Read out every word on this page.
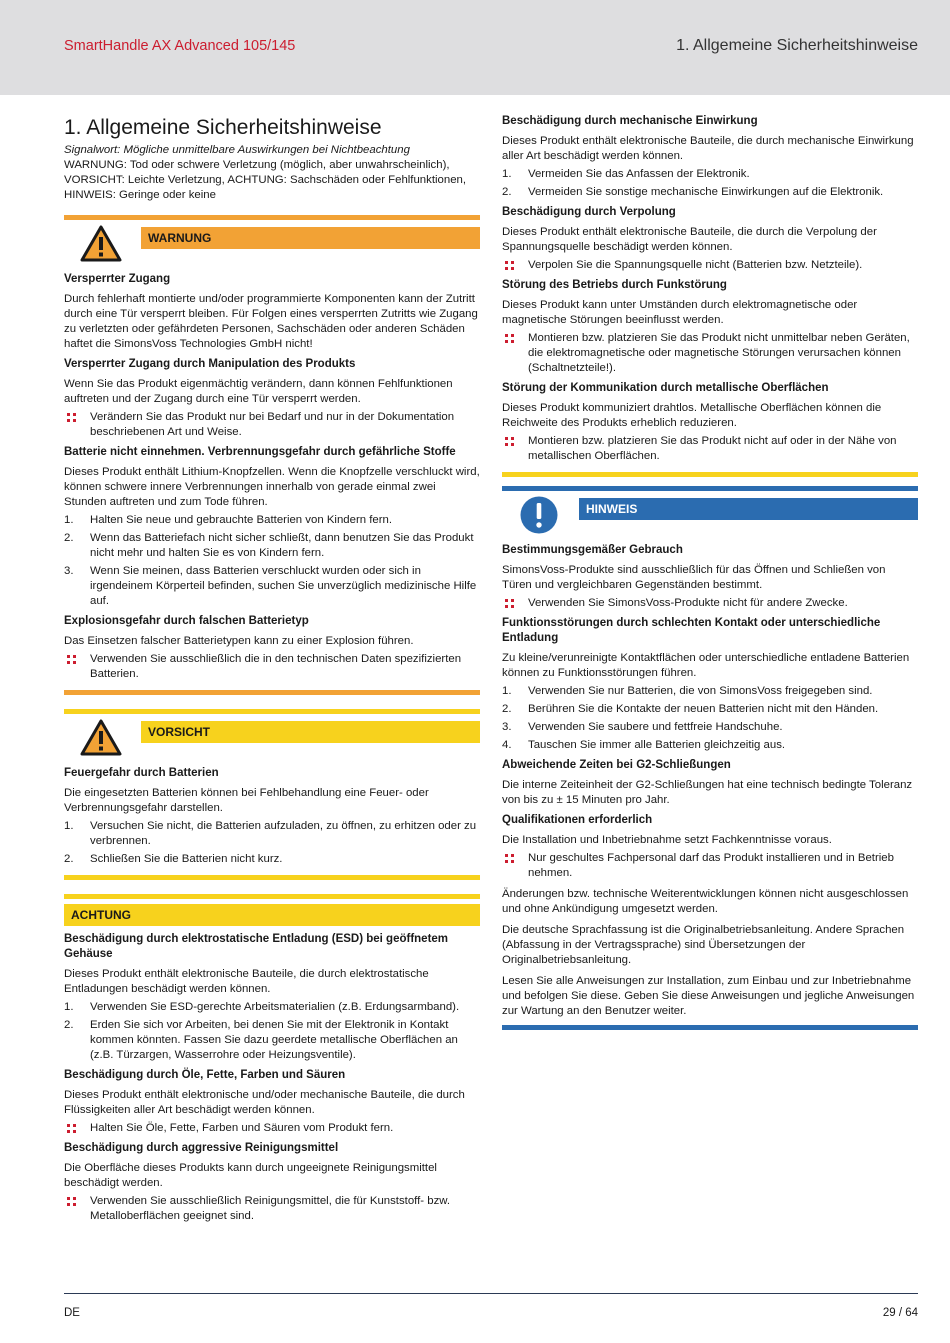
SmartHandle AX Advanced 105/145	1. Allgemeine Sicherheitshinweise
1. Allgemeine Sicherheitshinweise
Signalwort: Mögliche unmittelbare Auswirkungen bei Nichtbeachtung
WARNUNG: Tod oder schwere Verletzung (möglich, aber unwahrscheinlich), VORSICHT: Leichte Verletzung, ACHTUNG: Sachschäden oder Fehlfunktionen, HINWEIS: Geringe oder keine
WARNUNG
Versperrter Zugang

Durch fehlerhaft montierte und/oder programmierte Komponenten kann der Zutritt durch eine Tür versperrt bleiben. Für Folgen eines versperrten Zutritts wie Zugang zu verletzten oder gefährdeten Personen, Sachschäden oder anderen Schäden haftet die SimonsVoss Technologies GmbH nicht!

Versperrter Zugang durch Manipulation des Produkts

Wenn Sie das Produkt eigenmächtig verändern, dann können Fehlfunktionen auftreten und der Zugang durch eine Tür versperrt werden.

Verändern Sie das Produkt nur bei Bedarf und nur in der Dokumentation beschriebenen Art und Weise.
Batterie nicht einnehmen. Verbrennungsgefahr durch gefährliche Stoffe

Dieses Produkt enthält Lithium-Knopfzellen. Wenn die Knopfzelle verschluckt wird, können schwere innere Verbrennungen innerhalb von gerade einmal zwei Stunden auftreten und zum Tode führen.

1. Halten Sie neue und gebrauchte Batterien von Kindern fern.
2. Wenn das Batteriefach nicht sicher schließt, dann benutzen Sie das Produkt nicht mehr und halten Sie es von Kindern fern.
3. Wenn Sie meinen, dass Batterien verschluckt wurden oder sich in irgendeinem Körperteil befinden, suchen Sie unverzüglich medizinische Hilfe auf.
Explosionsgefahr durch falschen Batterietyp

Das Einsetzen falscher Batterietypen kann zu einer Explosion führen.

Verwenden Sie ausschließlich die in den technischen Daten spezifizierten Batterien.
VORSICHT
Feuergefahr durch Batterien

Die eingesetzten Batterien können bei Fehlbehandlung eine Feuer- oder Verbrennungsgefahr darstellen.

1. Versuchen Sie nicht, die Batterien aufzuladen, zu öffnen, zu erhitzen oder zu verbrennen.
2. Schließen Sie die Batterien nicht kurz.
ACHTUNG
Beschädigung durch elektrostatische Entladung (ESD) bei geöffnetem Gehäuse

Dieses Produkt enthält elektronische Bauteile, die durch elektrostatische Entladungen beschädigt werden können.

1. Verwenden Sie ESD-gerechte Arbeitsmaterialien (z.B. Erdungsarmband).
2. Erden Sie sich vor Arbeiten, bei denen Sie mit der Elektronik in Kontakt kommen könnten. Fassen Sie dazu geerdete metallische Oberflächen an (z.B. Türzargen, Wasserrohre oder Heizungsventile).
Beschädigung durch Öle, Fette, Farben und Säuren

Dieses Produkt enthält elektronische und/oder mechanische Bauteile, die durch Flüssigkeiten aller Art beschädigt werden können.

Halten Sie Öle, Fette, Farben und Säuren vom Produkt fern.
Beschädigung durch aggressive Reinigungsmittel

Die Oberfläche dieses Produkts kann durch ungeeignete Reinigungsmittel beschädigt werden.

Verwenden Sie ausschließlich Reinigungsmittel, die für Kunststoff- bzw. Metalloberflächen geeignet sind.
Beschädigung durch mechanische Einwirkung

Dieses Produkt enthält elektronische Bauteile, die durch mechanische Einwirkung aller Art beschädigt werden können.

1. Vermeiden Sie das Anfassen der Elektronik.
2. Vermeiden Sie sonstige mechanische Einwirkungen auf die Elektronik.
Beschädigung durch Verpolung

Dieses Produkt enthält elektronische Bauteile, die durch die Verpolung der Spannungsquelle beschädigt werden können.

Verpolen Sie die Spannungsquelle nicht (Batterien bzw. Netzteile).
Störung des Betriebs durch Funkstörung

Dieses Produkt kann unter Umständen durch elektromagnetische oder magnetische Störungen beeinflusst werden.

Montieren bzw. platzieren Sie das Produkt nicht unmittelbar neben Geräten, die elektromagnetische oder magnetische Störungen verursachen können (Schaltnetzteile!).
Störung der Kommunikation durch metallische Oberflächen

Dieses Produkt kommuniziert drahtlos. Metallische Oberflächen können die Reichweite des Produkts erheblich reduzieren.

Montieren bzw. platzieren Sie das Produkt nicht auf oder in der Nähe von metallischen Oberflächen.
HINWEIS
Bestimmungsgemäßer Gebrauch

SimonsVoss-Produkte sind ausschließlich für das Öffnen und Schließen von Türen und vergleichbaren Gegenständen bestimmt.

Verwenden Sie SimonsVoss-Produkte nicht für andere Zwecke.
Funktionsstörungen durch schlechten Kontakt oder unterschiedliche Entladung

Zu kleine/verunreinigte Kontaktflächen oder unterschiedliche entladene Batterien können zu Funktionsstörungen führen.

1. Verwenden Sie nur Batterien, die von SimonsVoss freigegeben sind.
2. Berühren Sie die Kontakte der neuen Batterien nicht mit den Händen.
3. Verwenden Sie saubere und fettfreie Handschuhe.
4. Tauschen Sie immer alle Batterien gleichzeitig aus.
Abweichende Zeiten bei G2-Schließungen

Die interne Zeiteinheit der G2-Schließungen hat eine technisch bedingte Toleranz von bis zu ± 15 Minuten pro Jahr.

Qualifikationen erforderlich

Die Installation und Inbetriebnahme setzt Fachkenntnisse voraus.

Nur geschultes Fachpersonal darf das Produkt installieren und in Betrieb nehmen.

Änderungen bzw. technische Weiterentwicklungen können nicht ausgeschlossen und ohne Ankündigung umgesetzt werden.

Die deutsche Sprachfassung ist die Originalbetriebsanleitung. Andere Sprachen (Abfassung in der Vertragssprache) sind Übersetzungen der Originalbetriebsanleitung.

Lesen Sie alle Anweisungen zur Installation, zum Einbau und zur Inbetriebnahme und befolgen Sie diese. Geben Sie diese Anweisungen und jegliche Anweisungen zur Wartung an den Benutzer weiter.

DE	29 / 64
